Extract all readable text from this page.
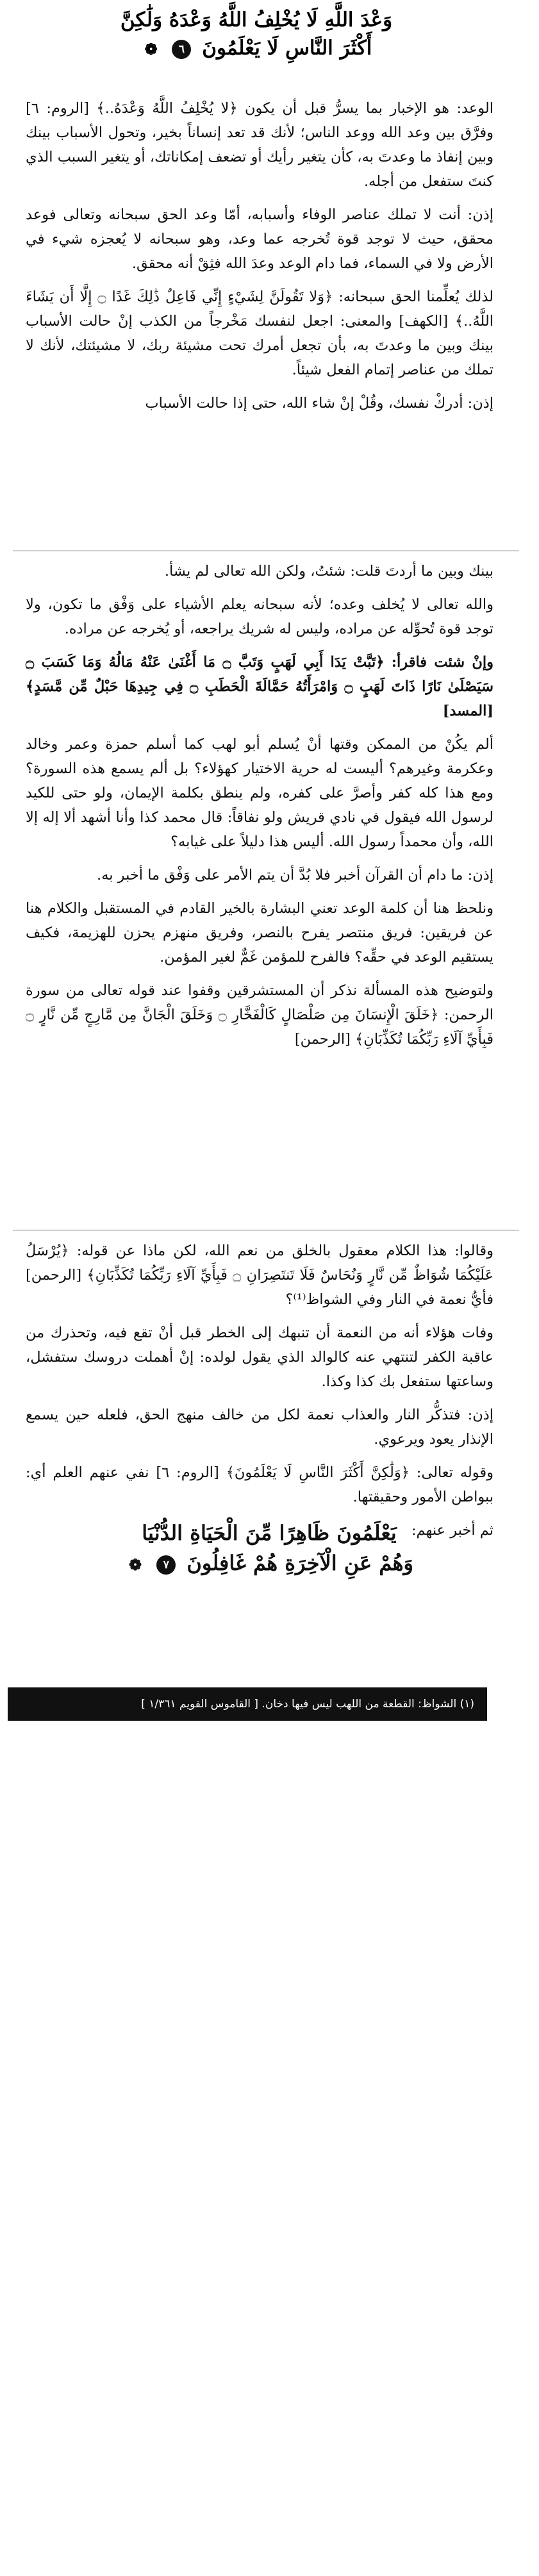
وَعْدَ اللَّهِ لَا يُخْلِفُ اللَّهُ وَعْدَهُ وَلَٰكِنَّ
أَكْثَرَ النَّاسِ لَا يَعْلَمُونَ ٦ ❁

الوعد: هو الإخبار بما يسرُّ قبل أن يكون ﴿لا يُخْلِفُ اللَّهُ وَعْدَهُ..﴾ [الروم: ٦] وفرَّق بين وعد الله ووعد الناس؛ لأنك قد تعد إنساناً بخير، وتحول الأسباب بينك وبين إنفاذ ما وعدتَ به، كأن يتغير رأيك أو تضعف إمكاناتك، أو يتغير السبب الذي كنتَ ستفعل من أجله.

إذن: أنت لا تملك عناصر الوفاء وأسبابه، أمّا وعد الحق سبحانه وتعالى فوعد محقق، حيث لا توجد قوة تُخرجه عما وعد، وهو سبحانه لا يُعجزه شيء في الأرض ولا في السماء، فما دام الوعد وعدَ الله فثِقْ أنه محقق.

لذلك يُعلِّمنا الحق سبحانه: ﴿وَلا تَقُولَنَّ لِشَيْءٍ إِنِّي فَاعِلٌ ذَٰلِكَ غَدًا ۝ إِلَّا أَن يَشَاءَ اللَّهُ..﴾ [الكهف] والمعنى: اجعل لنفسك مَخْرجاً من الكذب إنْ حالت الأسباب بينك وبين ما وعدتَ به، بأن تجعل أمرك تحت مشيئة ربك، لا مشيئتك، لأنك لا تملك من عناصر إتمام الفعل شيئاً.

إذن: أدركْ نفسك، وقُلْ إنْ شاء الله، حتى إذا حالت الأسباب

بينك وبين ما أردتَ قلت: شئتُ، ولكن الله تعالى لم يشأ.

والله تعالى لا يُخلف وعده؛ لأنه سبحانه يعلم الأشياء على وَفْق ما تكون، ولا توجد قوة تُحوِّله عن مراده، وليس له شريك يراجعه، أو يُخرجه عن مراده.

وإنْ شئت فاقرأ: ﴿تَبَّتْ يَدَا أَبِي لَهَبٍ وَتَبَّ ۝ مَا أَغْنَىٰ عَنْهُ مَالُهُ وَمَا كَسَبَ ۝ سَيَصْلَىٰ نَارًا ذَاتَ لَهَبٍ ۝ وَامْرَأَتُهُ حَمَّالَةَ الْحَطَبِ ۝ فِي جِيدِهَا حَبْلٌ مِّن مَّسَدٍ﴾ [المسد]

ألم يكُنْ من الممكن وقتها أنْ يُسلم أبو لهب كما أسلم حمزة وعمر وخالد وعكرمة وغيرهم؟ أليست له حرية الاختيار كهؤلاء؟ بل ألم يسمع هذه السورة؟ ومع هذا كله كفر وأصرَّ على كفره، ولم ينطق بكلمة الإيمان، ولو حتى للكيد لرسول الله فيقول في نادي قريش ولو نفاقاً: قال محمد كذا وأنا أشهد ألا إله إلا الله، وأن محمداً رسول الله. أليس هذا دليلاً على غيابه؟

إذن: ما دام أن القرآن أخبر فلا بُدَّ أن يتم الأمر على وَفْق ما أخبر به.

ونلحظ هنا أن كلمة الوعد تعني البشارة بالخير القادم في المستقبل والكلام هنا عن فريقين: فريق منتصر يفرح بالنصر، وفريق منهزم يحزن للهزيمة، فكيف يستقيم الوعد في حقِّه؟ فالفرح للمؤمن غَمٌّ لغير المؤمن.

ولتوضيح هذه المسألة نذكر أن المستشرقين وقفوا عند قوله تعالى من سورة الرحمن: ﴿خَلَقَ الْإِنسَانَ مِن صَلْصَالٍ كَالْفَخَّارِ ۝ وَخَلَقَ الْجَانَّ مِن مَّارِجٍ مِّن نَّارٍ ۝ فَبِأَيِّ آلَاءِ رَبِّكُمَا تُكَذِّبَانِ﴾ [الرحمن]

وقالوا: هذا الكلام معقول بالخلق من نعم الله، لكن ماذا عن قوله: ﴿يُرْسَلُ عَلَيْكُمَا شُوَاظٌ مِّن نَّارٍ وَنُحَاسٌ فَلَا تَنتَصِرَانِ ۝ فَبِأَيِّ آلَاءِ رَبِّكُمَا تُكَذِّبَانِ﴾ [الرحمن] فأيُّ نعمة في النار وفي الشواظ⁽¹⁾؟

وفات هؤلاء أنه من النعمة أن تنبهك إلى الخطر قبل أنْ تقع فيه، وتحذرك من عاقبة الكفر لتنتهي عنه كالوالد الذي يقول لولده: إنْ أهملت دروسك ستفشل، وساعتها ستفعل بك كذا وكذا.

إذن: فتذكُّر النار والعذاب نعمة لكل من خالف منهج الحق، فلعله حين يسمع الإنذار يعود ويرعوي.

وقوله تعالى: ﴿وَلَٰكِنَّ أَكْثَرَ النَّاسِ لَا يَعْلَمُونَ﴾ [الروم: ٦] نفي عنهم العلم أي: ببواطن الأمور وحقيقتها.

ثم أخبر عنهم:

يَعْلَمُونَ ظَاهِرًا مِّنَ الْحَيَاةِ الدُّنْيَا
وَهُمْ عَنِ الْآخِرَةِ هُمْ غَافِلُونَ ٧ ❁
(١) الشواظ: القطعة من اللهب ليس فيها دخان. [ القاموس القويم ١/٣٦١ ]
